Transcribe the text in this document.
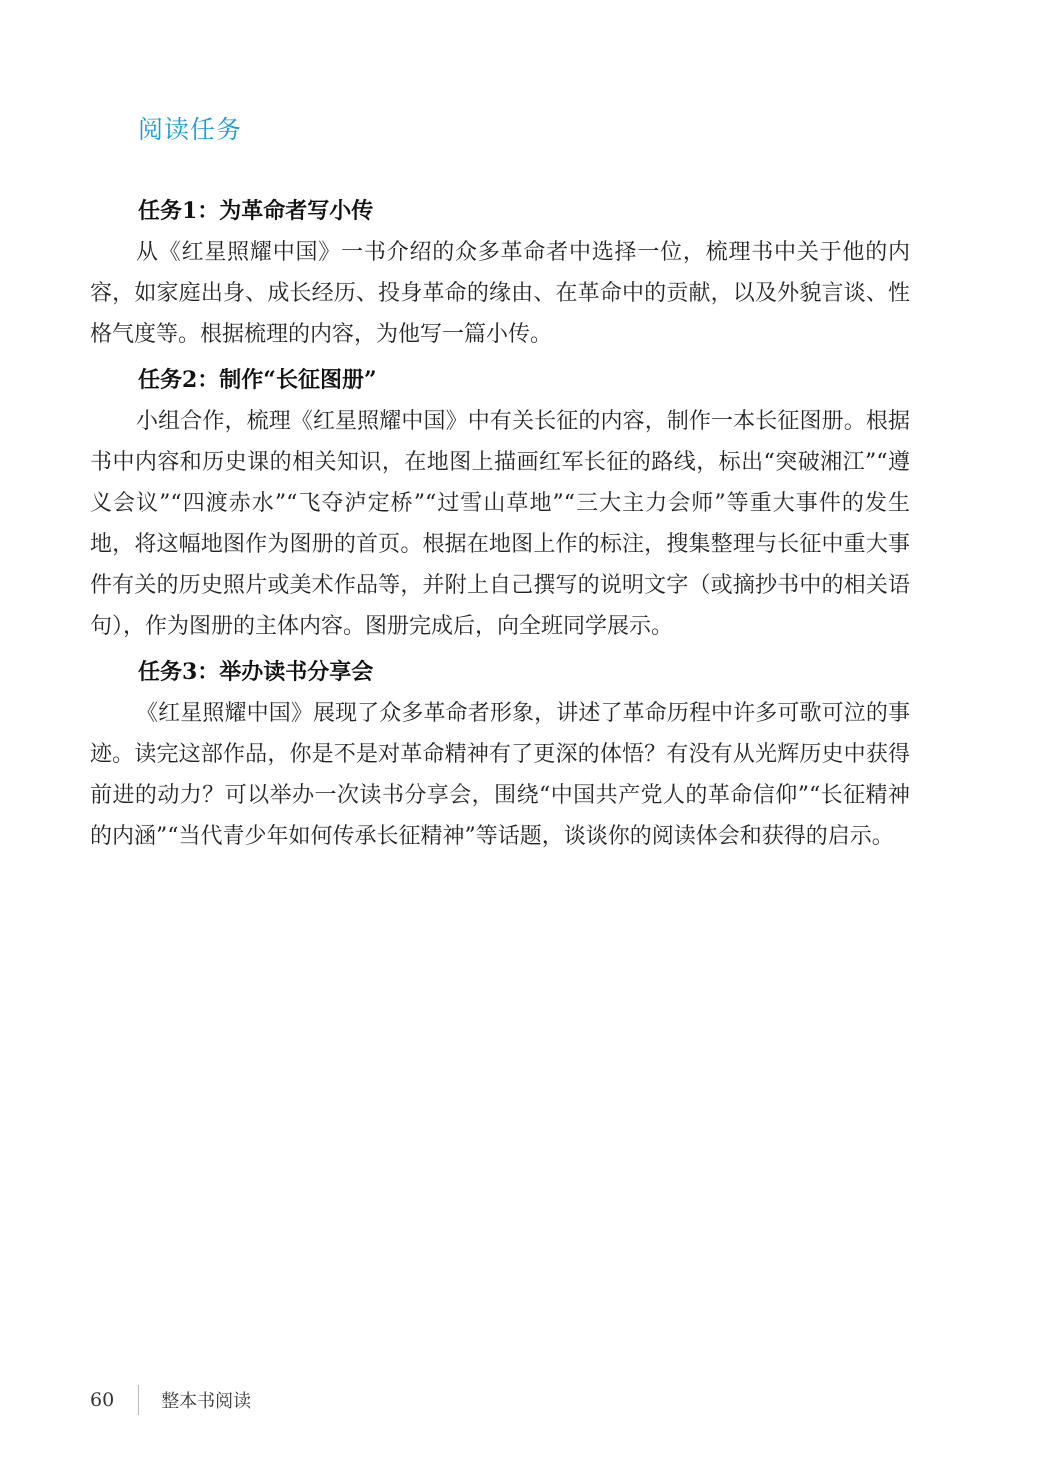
阅读任务

任务1：为革命者写小传

从《红星照耀中国》一书介绍的众多革命者中选择一位，梳理书中关于他的内容，如家庭出身、成长经历、投身革命的缘由、在革命中的贡献，以及外貌言谈、性格气度等。根据梳理的内容，为他写一篇小传。

任务2：制作“长征图册”

小组合作，梳理《红星照耀中国》中有关长征的内容，制作一本长征图册。根据书中内容和历史课的相关知识，在地图上描画红军长征的路线，标出“突破湘江”“遵义会议”“四渡赤水”“飞夺泸定桥”“过雪山草地”“三大主力会师”等重大事件的发生地，将这幅地图作为图册的首页。根据在地图上作的标注，搜集整理与长征中重大事件有关的历史照片或美术作品等，并附上自己撰写的说明文字（或摘抄书中的相关语句），作为图册的主体内容。图册完成后，向全班同学展示。

任务3：举办读书分享会

《红星照耀中国》展现了众多革命者形象，讲述了革命历程中许多可歌可泣的事迹。读完这部作品，你是不是对革命精神有了更深的体悟？有没有从光辉历史中获得前进的动力？可以举办一次读书分享会，围绕“中国共产党人的革命信仰”“长征精神的内涵”“当代青少年如何传承长征精神”等话题，谈谈你的阅读体会和获得的启示。

60	整本书阅读
